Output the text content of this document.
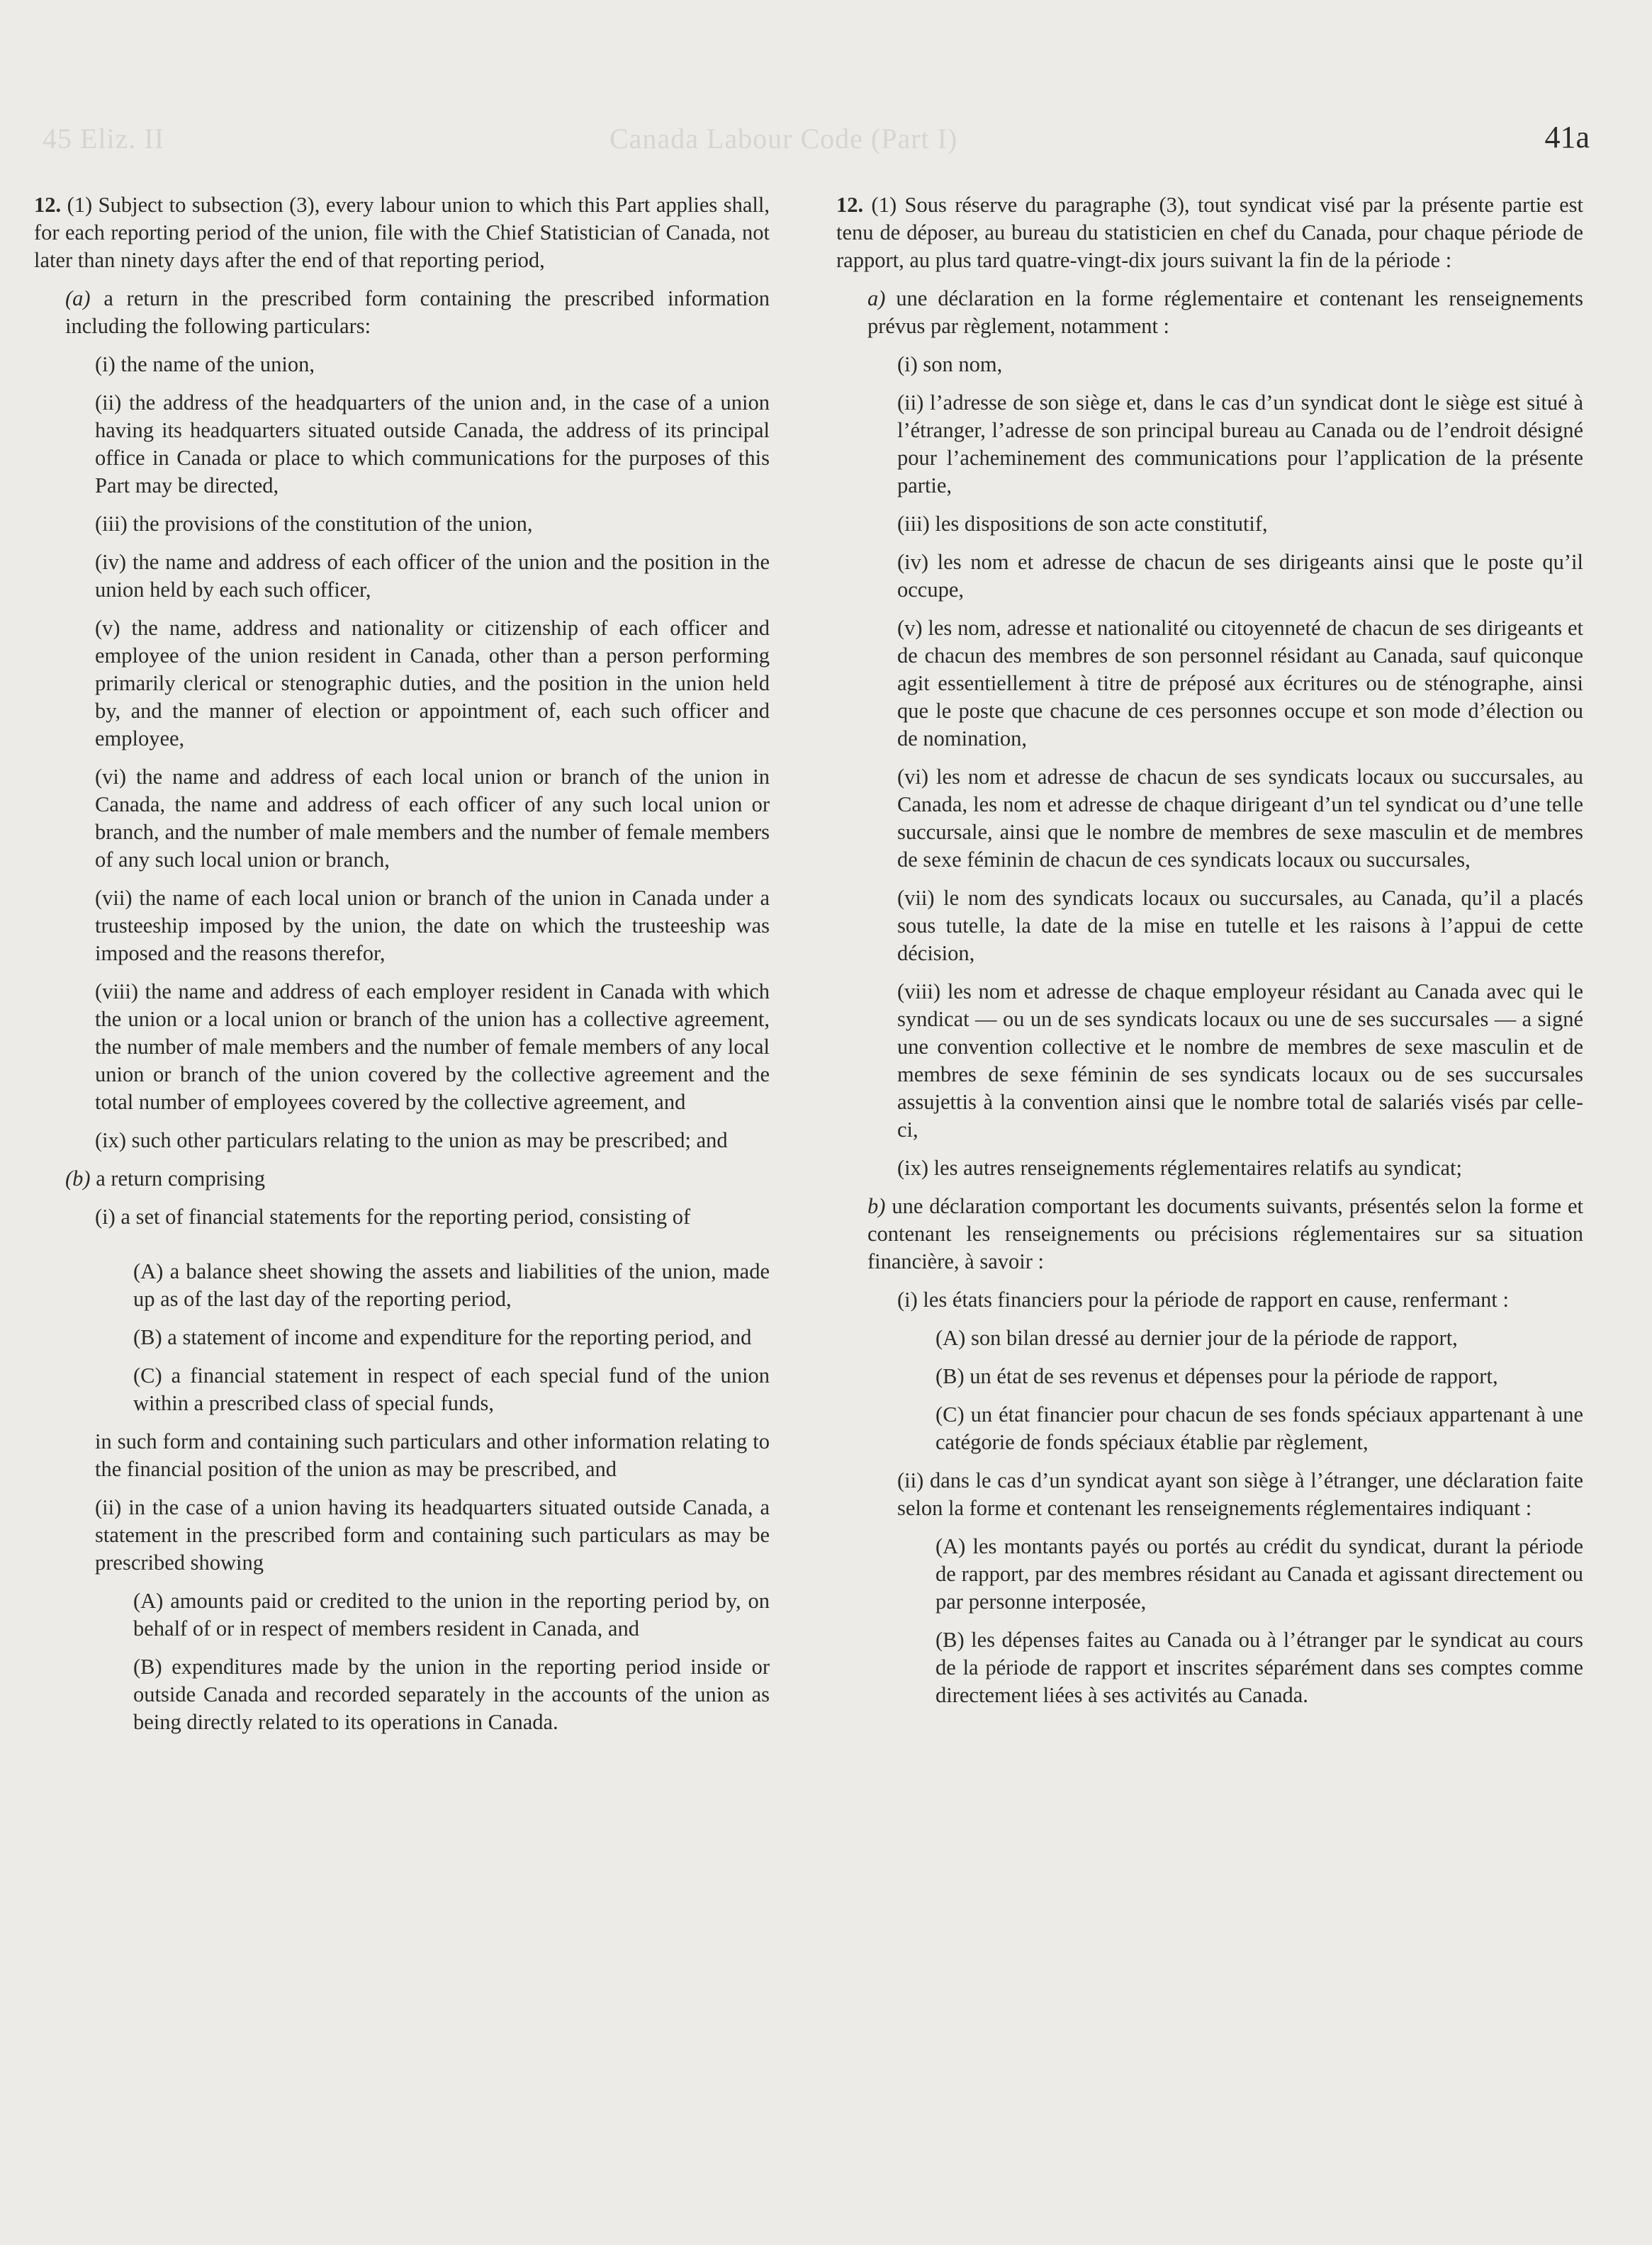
45 Eliz. II	Canada Labour Code (Part I)	41a

12. (1) Subject to subsection (3), every labour union to which this Part applies shall, for each reporting period of the union, file with the Chief Statistician of Canada, not later than ninety days after the end of that reporting period,

(a) a return in the prescribed form containing the prescribed information including the following particulars:

(i) the name of the union,

(ii) the address of the headquarters of the union and, in the case of a union having its headquarters situated outside Canada, the address of its principal office in Canada or place to which communications for the purposes of this Part may be directed,

(iii) the provisions of the constitution of the union,

(iv) the name and address of each officer of the union and the position in the union held by each such officer,

(v) the name, address and nationality or citizenship of each officer and employee of the union resident in Canada, other than a person performing primarily clerical or stenographic duties, and the position in the union held by, and the manner of election or appointment of, each such officer and employee,

(vi) the name and address of each local union or branch of the union in Canada, the name and address of each officer of any such local union or branch, and the number of male members and the number of female members of any such local union or branch,

(vii) the name of each local union or branch of the union in Canada under a trusteeship imposed by the union, the date on which the trusteeship was imposed and the reasons therefor,

(viii) the name and address of each employer resident in Canada with which the union or a local union or branch of the union has a collective agreement, the number of male members and the number of female members of any local union or branch of the union covered by the collective agreement and the total number of employees covered by the collective agreement, and

(ix) such other particulars relating to the union as may be prescribed; and

(b) a return comprising

(i) a set of financial statements for the reporting period, consisting of

(A) a balance sheet showing the assets and liabilities of the union, made up as of the last day of the reporting period,

(B) a statement of income and expenditure for the reporting period, and

(C) a financial statement in respect of each special fund of the union within a prescribed class of special funds,

in such form and containing such particulars and other information relating to the financial position of the union as may be prescribed, and

(ii) in the case of a union having its headquarters situated outside Canada, a statement in the prescribed form and containing such particulars as may be prescribed showing

(A) amounts paid or credited to the union in the reporting period by, on behalf of or in respect of members resident in Canada, and

(B) expenditures made by the union in the reporting period inside or outside Canada and recorded separately in the accounts of the union as being directly related to its operations in Canada.

12. (1) Sous réserve du paragraphe (3), tout syndicat visé par la présente partie est tenu de déposer, au bureau du statisticien en chef du Canada, pour chaque période de rapport, au plus tard quatre-vingt-dix jours suivant la fin de la période :

a) une déclaration en la forme réglementaire et contenant les renseignements prévus par règlement, notamment :

(i) son nom,

(ii) l’adresse de son siège et, dans le cas d’un syndicat dont le siège est situé à l’étranger, l’adresse de son principal bureau au Canada ou de l’endroit désigné pour l’acheminement des communications pour l’application de la présente partie,

(iii) les dispositions de son acte constitutif,

(iv) les nom et adresse de chacun de ses dirigeants ainsi que le poste qu’il occupe,

(v) les nom, adresse et nationalité ou citoyenneté de chacun de ses dirigeants et de chacun des membres de son personnel résidant au Canada, sauf quiconque agit essentiellement à titre de préposé aux écritures ou de sténographe, ainsi que le poste que chacune de ces personnes occupe et son mode d’élection ou de nomination,

(vi) les nom et adresse de chacun de ses syndicats locaux ou succursales, au Canada, les nom et adresse de chaque dirigeant d’un tel syndicat ou d’une telle succursale, ainsi que le nombre de membres de sexe masculin et de membres de sexe féminin de chacun de ces syndicats locaux ou succursales,

(vii) le nom des syndicats locaux ou succursales, au Canada, qu’il a placés sous tutelle, la date de la mise en tutelle et les raisons à l’appui de cette décision,

(viii) les nom et adresse de chaque employeur résidant au Canada avec qui le syndicat — ou un de ses syndicats locaux ou une de ses succursales — a signé une convention collective et le nombre de membres de sexe masculin et de membres de sexe féminin de ses syndicats locaux ou de ses succursales assujettis à la convention ainsi que le nombre total de salariés visés par celle-ci,

(ix) les autres renseignements réglementaires relatifs au syndicat;

b) une déclaration comportant les documents suivants, présentés selon la forme et contenant les renseignements ou précisions réglementaires sur sa situation financière, à savoir :

(i) les états financiers pour la période de rapport en cause, renfermant :

(A) son bilan dressé au dernier jour de la période de rapport,

(B) un état de ses revenus et dépenses pour la période de rapport,

(C) un état financier pour chacun de ses fonds spéciaux appartenant à une catégorie de fonds spéciaux établie par règlement,

(ii) dans le cas d’un syndicat ayant son siège à l’étranger, une déclaration faite selon la forme et contenant les renseignements réglementaires indiquant :

(A) les montants payés ou portés au crédit du syndicat, durant la période de rapport, par des membres résidant au Canada et agissant directement ou par personne interposée,

(B) les dépenses faites au Canada ou à l’étranger par le syndicat au cours de la période de rapport et inscrites séparément dans ses comptes comme directement liées à ses activités au Canada.
